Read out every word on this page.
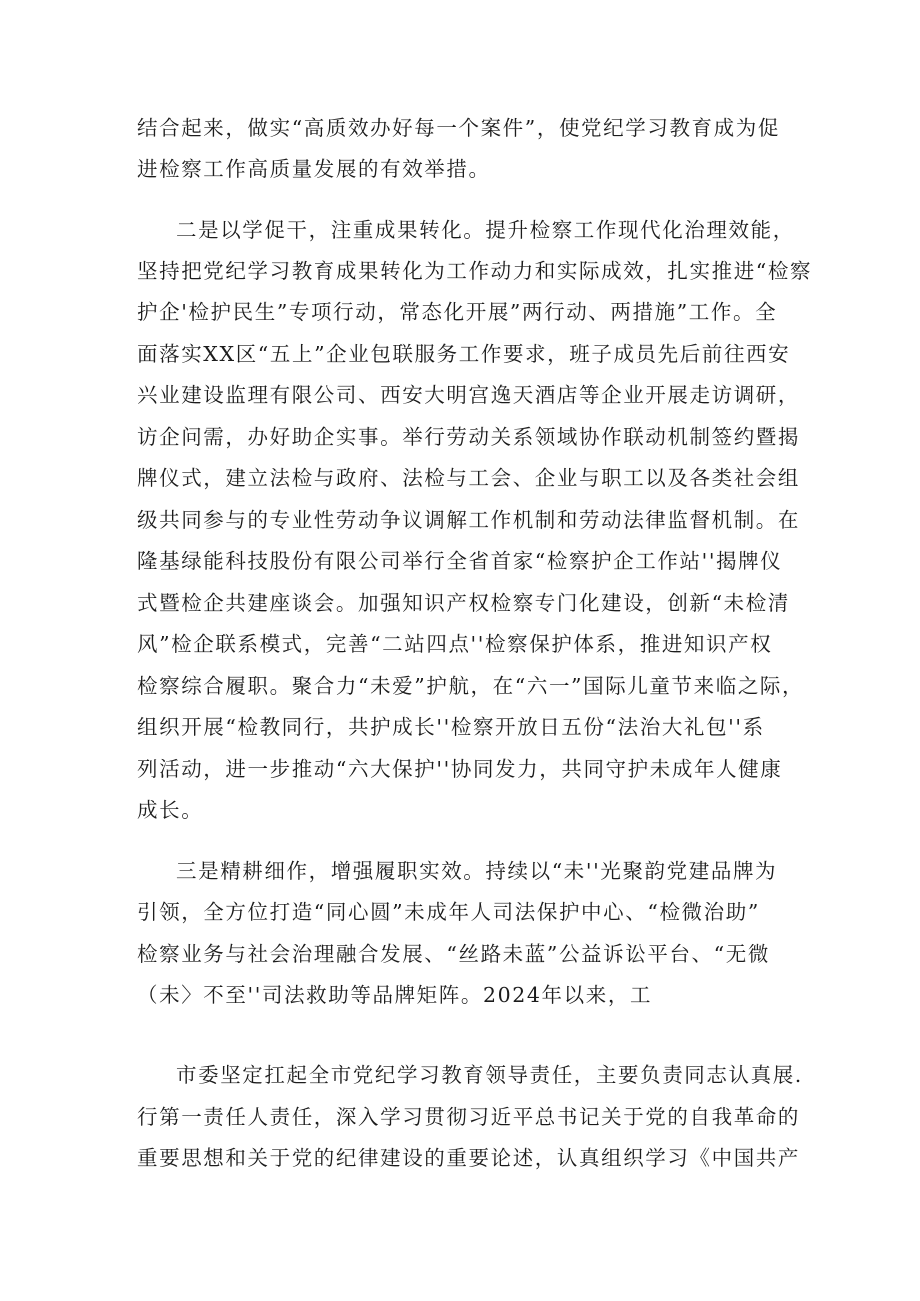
结合起来，做实“高质效办好每一个案件”，使党纪学习教育成为促
进检察工作高质量发展的有效举措。
二是以学促干，注重成果转化。提升检察工作现代化治理效能，
坚持把党纪学习教育成果转化为工作动力和实际成效，扎实推进“检察
护企'检护民生”专项行动，常态化开展”两行动、两措施”工作。全
面落实XX区“五上”企业包联服务工作要求，班子成员先后前往西安
兴业建设监理有限公司、西安大明宫逸天酒店等企业开展走访调研，
访企问需，办好助企实事。举行劳动关系领域协作联动机制签约暨揭
牌仪式，建立法检与政府、法检与工会、企业与职工以及各类社会组
级共同参与的专业性劳动争议调解工作机制和劳动法律监督机制。在
隆基绿能科技股份有限公司举行全省首家“检察护企工作站''揭牌仪
式暨检企共建座谈会。加强知识产权检察专门化建设，创新“未检清
风”检企联系模式，完善“二站四点''检察保护体系，推进知识产权
检察综合履职。聚合力“未爱”护航，在“六一”国际儿童节来临之际，
组织开展“检教同行，共护成长''检察开放日五份“法治大礼包''系
列活动，进一步推动“六大保护''协同发力，共同守护未成年人健康
成长。
三是精耕细作，增强履职实效。持续以“未''光聚韵党建品牌为
引领，全方位打造“同心圆”未成年人司法保护中心、“检微治助”
检察业务与社会治理融合发展、“丝路未蓝”公益诉讼平台、“无微
（未〉不至''司法救助等品牌矩阵。2024年以来，工
市委坚定扛起全市党纪学习教育领导责任，主要负责同志认真展.
行第一责任人责任，深入学习贯彻习近平总书记关于党的自我革命的
重要思想和关于党的纪律建设的重要论述，认真组织学习《中国共产
